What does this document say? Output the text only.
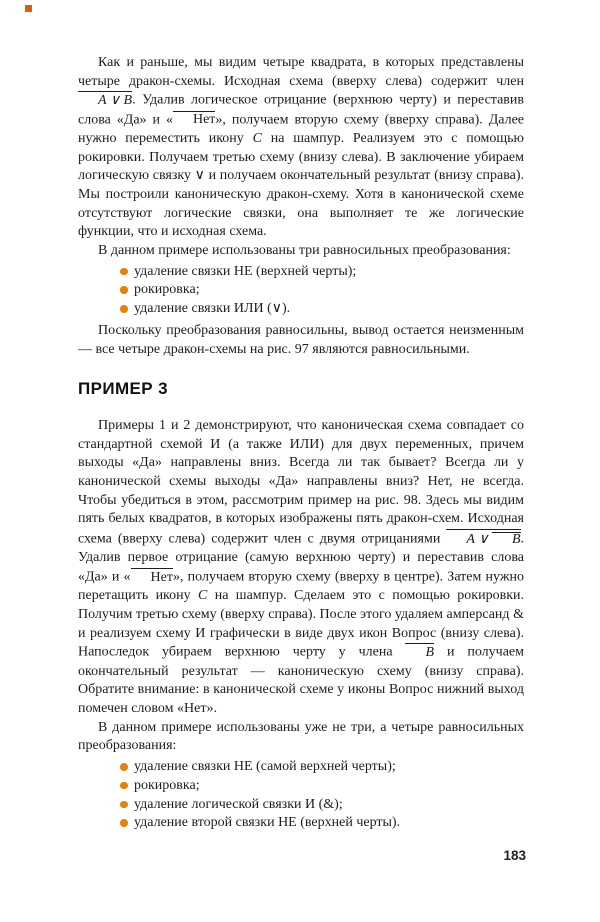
Как и раньше, мы видим четыре квадрата, в которых представлены четыре дракон-схемы. Исходная схема (вверху слева) содержит член A ∨ B. Удалив логическое отрицание (верхнюю черту) и переставив слова «Да» и « Нет», получаем вторую схему (вверху справа). Далее нужно переместить икону C на шампур. Реализуем это с помощью рокировки. Получаем третью схему (внизу слева). В заключение убираем логическую связку ∨ и получаем окончательный результат (внизу справа). Мы построили каноническую дракон-схему. Хотя в канонической схеме отсутствуют логические связки, она выполняет те же логические функции, что и исходная схема.

В данном примере использованы три равносильных преобразования:

удаление связки НЕ (верхней черты);
рокировка;
удаление связки ИЛИ (∨).

Поскольку преобразования равносильны, вывод остается неизменным — все четыре дракон-схемы на рис. 97 являются равносильными.

ПРИМЕР 3

Примеры 1 и 2 демонстрируют, что каноническая схема совпадает со стандартной схемой И (а также ИЛИ) для двух переменных, причем выходы «Да» направлены вниз. Всегда ли так бывает? Всегда ли у канонической схемы выходы «Да» направлены вниз? Нет, не всегда. Чтобы убедиться в этом, рассмотрим пример на рис. 98. Здесь мы видим пять белых квадратов, в которых изображены пять дракон-схем. Исходная схема (вверху слева) содержит член с двумя отрицаниями A ∨ B. Удалив первое отрицание (самую верхнюю черту) и переставив слова «Да» и « Нет», получаем вторую схему (вверху в центре). Затем нужно перетащить икону C на шампур. Сделаем это с помощью рокировки. Получим третью схему (вверху справа). После этого удаляем амперсанд & и реализуем схему И графически в виде двух икон Вопрос (внизу слева). Напоследок убираем верхнюю черту у члена B и получаем окончательный результат — каноническую схему (внизу справа). Обратите внимание: в канонической схеме у иконы Вопрос нижний выход помечен словом «Нет».

В данном примере использованы уже не три, а четыре равносильных преобразования:

удаление связки НЕ (самой верхней черты);
рокировка;
удаление логической связки И (&);
удаление второй связки НЕ (верхней черты).
183
